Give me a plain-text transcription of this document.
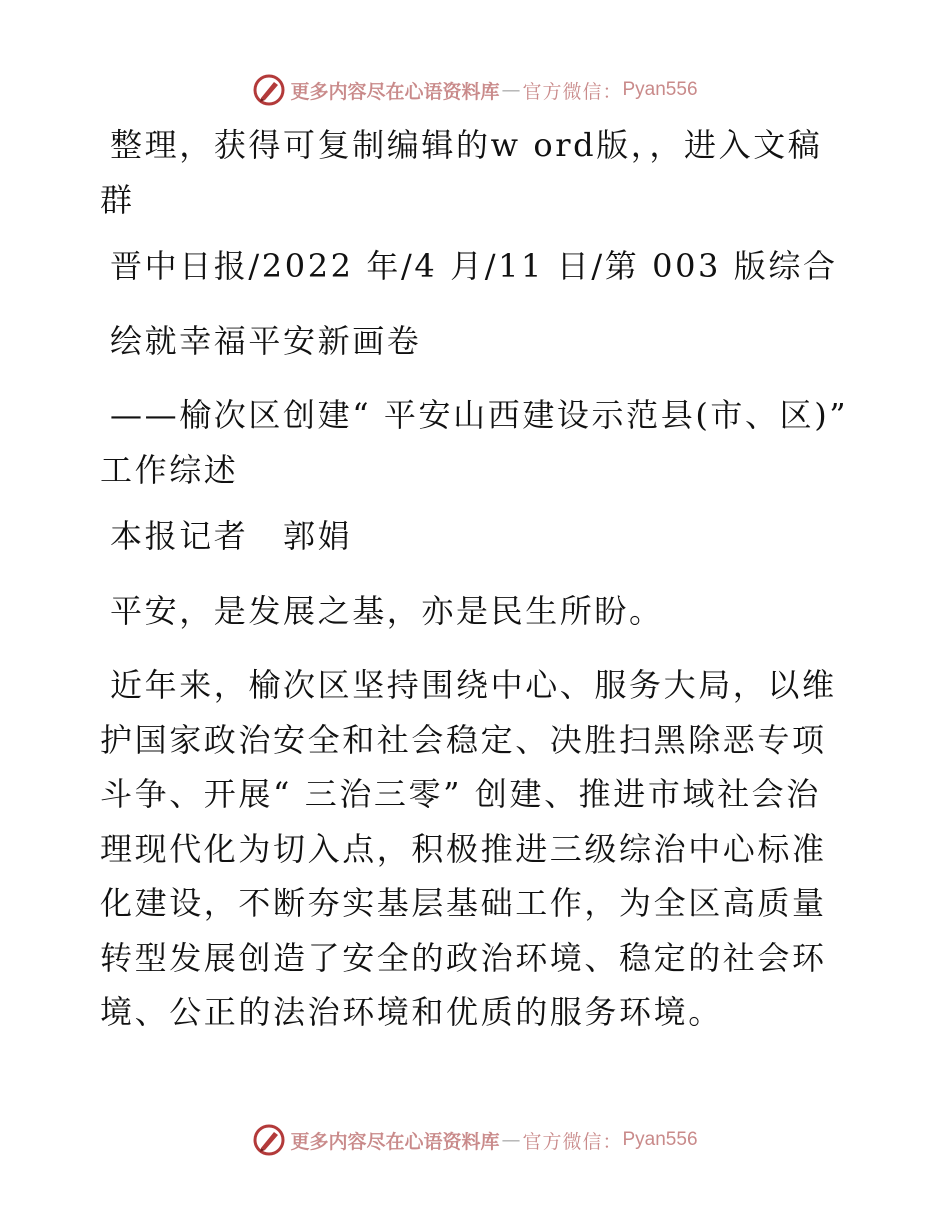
更多内容尽在心语资料库 — 官方微信： Pyan556

整理，获得可复制编辑的w ord版，，进入文稿群

晋中日报/2022 年/4 月/11 日/第 003 版综合

绘就幸福平安新画卷

——榆次区创建“ 平安山西建设示范县(市、区)” 工作综述

本报记者　郭娟

平安，是发展之基，亦是民生所盼。

近年来，榆次区坚持围绕中心、服务大局，以维护国家政治安全和社会稳定、决胜扫黑除恶专项斗争、开展“ 三治三零” 创建、推进市域社会治理现代化为切入点，积极推进三级综治中心标准化建设，不断夯实基层基础工作，为全区高质量转型发展创造了安全的政治环境、稳定的社会环境、公正的法治环境和优质的服务环境。

更多内容尽在心语资料库 — 官方微信： Pyan556
